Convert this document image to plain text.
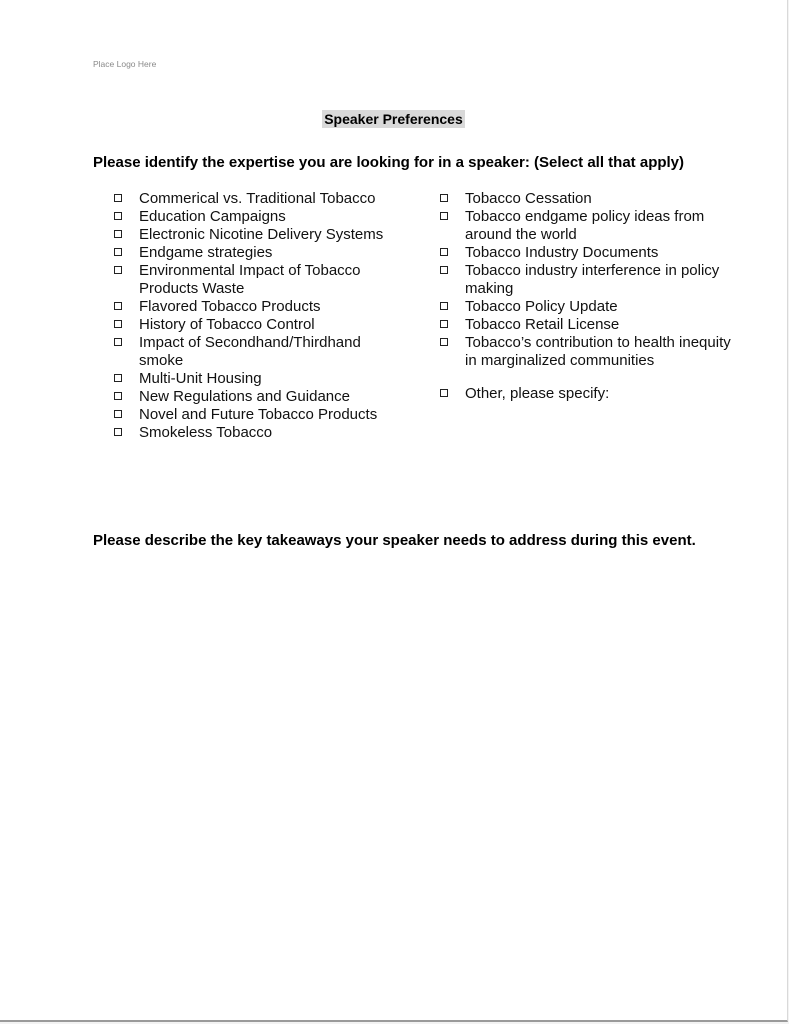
Place Logo Here
Speaker Preferences
Please identify the expertise you are looking for in a speaker: (Select all that apply)
Commerical vs. Traditional Tobacco
Education Campaigns
Electronic Nicotine Delivery Systems
Endgame strategies
Environmental Impact of Tobacco Products Waste
Flavored Tobacco Products
History of Tobacco Control
Impact of Secondhand/Thirdhand smoke
Multi-Unit Housing
New Regulations and Guidance
Novel and Future Tobacco Products
Smokeless Tobacco
Tobacco Cessation
Tobacco endgame policy ideas from around the world
Tobacco Industry Documents
Tobacco industry interference in policy making
Tobacco Policy Update
Tobacco Retail License
Tobacco’s contribution to health inequity in marginalized communities
Other, please specify:
Please describe the key takeaways your speaker needs to address during this event.
